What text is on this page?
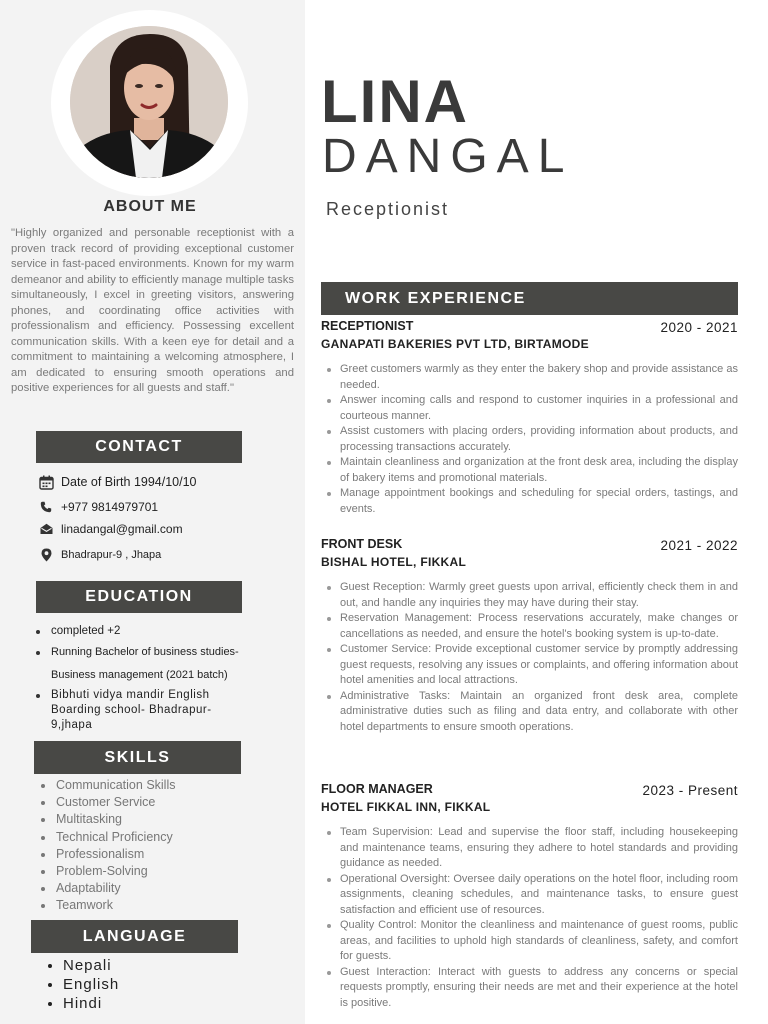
ABOUT ME
"Highly organized and personable receptionist with a proven track record of providing exceptional customer service in fast-paced environments. Known for my warm demeanor and ability to efficiently manage multiple tasks simultaneously, I excel in greeting visitors, answering phones, and coordinating office activities with professionalism and efficiency. Possessing excellent communication skills. With a keen eye for detail and a commitment to maintaining a welcoming atmosphere, I am dedicated to ensuring smooth operations and positive experiences for all guests and staff."
CONTACT
Date of Birth 1994/10/10
+977 9814979701
linadangal@gmail.com
Bhadrapur-9 , Jhapa
EDUCATION
completed +2
Running Bachelor of business studies-
Business management (2021 batch)
Bibhuti vidya mandir English Boarding school- Bhadrapur-9,jhapa
SKILLS
Communication Skills
Customer Service
Multitasking
Technical Proficiency
Professionalism
Problem-Solving
Adaptability
Teamwork
LANGUAGE
Nepali
English
Hindi
LINA
DANGAL
Receptionist
WORK EXPERIENCE
RECEPTIONIST	2020 - 2021
GANAPATI BAKERIES PVT LTD, BIRTAMODE
Greet customers warmly as they enter the bakery shop and provide assistance as needed.
Answer incoming calls and respond to customer inquiries in a professional and courteous manner.
Assist customers with placing orders, providing information about products, and processing transactions accurately.
Maintain cleanliness and organization at the front desk area, including the display of bakery items and promotional materials.
Manage appointment bookings and scheduling for special orders, tastings, and events.
FRONT DESK	2021 - 2022
BISHAL HOTEL, FIKKAL
Guest Reception: Warmly greet guests upon arrival, efficiently check them in and out, and handle any inquiries they may have during their stay.
Reservation Management: Process reservations accurately, make changes or cancellations as needed, and ensure the hotel's booking system is up-to-date.
Customer Service: Provide exceptional customer service by promptly addressing guest requests, resolving any issues or complaints, and offering information about hotel amenities and local attractions.
Administrative Tasks: Maintain an organized front desk area, complete administrative duties such as filing and data entry, and collaborate with other hotel departments to ensure smooth operations.
FLOOR MANAGER	2023 - Present
HOTEL FIKKAL INN, FIKKAL
Team Supervision: Lead and supervise the floor staff, including housekeeping and maintenance teams, ensuring they adhere to hotel standards and providing guidance as needed.
Operational Oversight: Oversee daily operations on the hotel floor, including room assignments, cleaning schedules, and maintenance tasks, to ensure guest satisfaction and efficient use of resources.
Quality Control: Monitor the cleanliness and maintenance of guest rooms, public areas, and facilities to uphold high standards of cleanliness, safety, and comfort for guests.
Guest Interaction: Interact with guests to address any concerns or special requests promptly, ensuring their needs are met and their experience at the hotel is positive.
